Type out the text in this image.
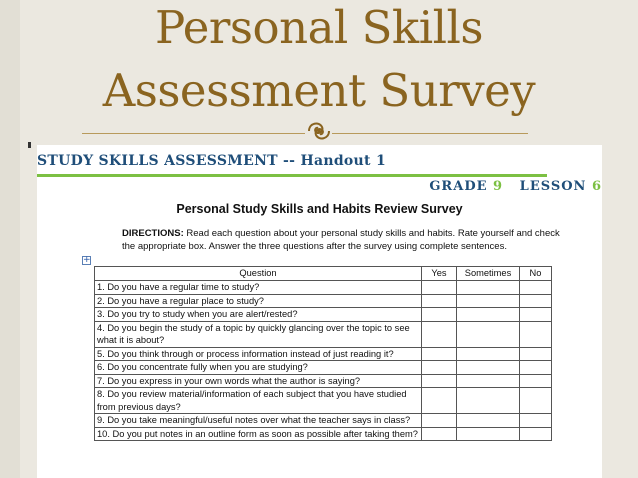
Personal Skills
Assessment Survey
STUDY SKILLS ASSESSMENT -- Handout 1
GRADE 9 LESSON 6
Personal Study Skills and Habits Review Survey
DIRECTIONS: Read each question about your personal study skills and habits. Rate yourself and check the appropriate box. Answer the three questions after the survey using complete sentences.
+
Question	Yes	Sometimes	No
1. Do you have a regular time to study?			
2. Do you have a regular place to study?			
3. Do you try to study when you are alert/rested?			
4. Do you begin the study of a topic by quickly glancing over the topic to see what it is about?			
5. Do you think through or process information instead of just reading it?			
6. Do you concentrate fully when you are studying?			
7. Do you express in your own words what the author is saying?			
8. Do you review material/information of each subject that you have studied from previous days?			
9. Do you take meaningful/useful notes over what the teacher says in class?			
10. Do you put notes in an outline form as soon as possible after taking them?			
